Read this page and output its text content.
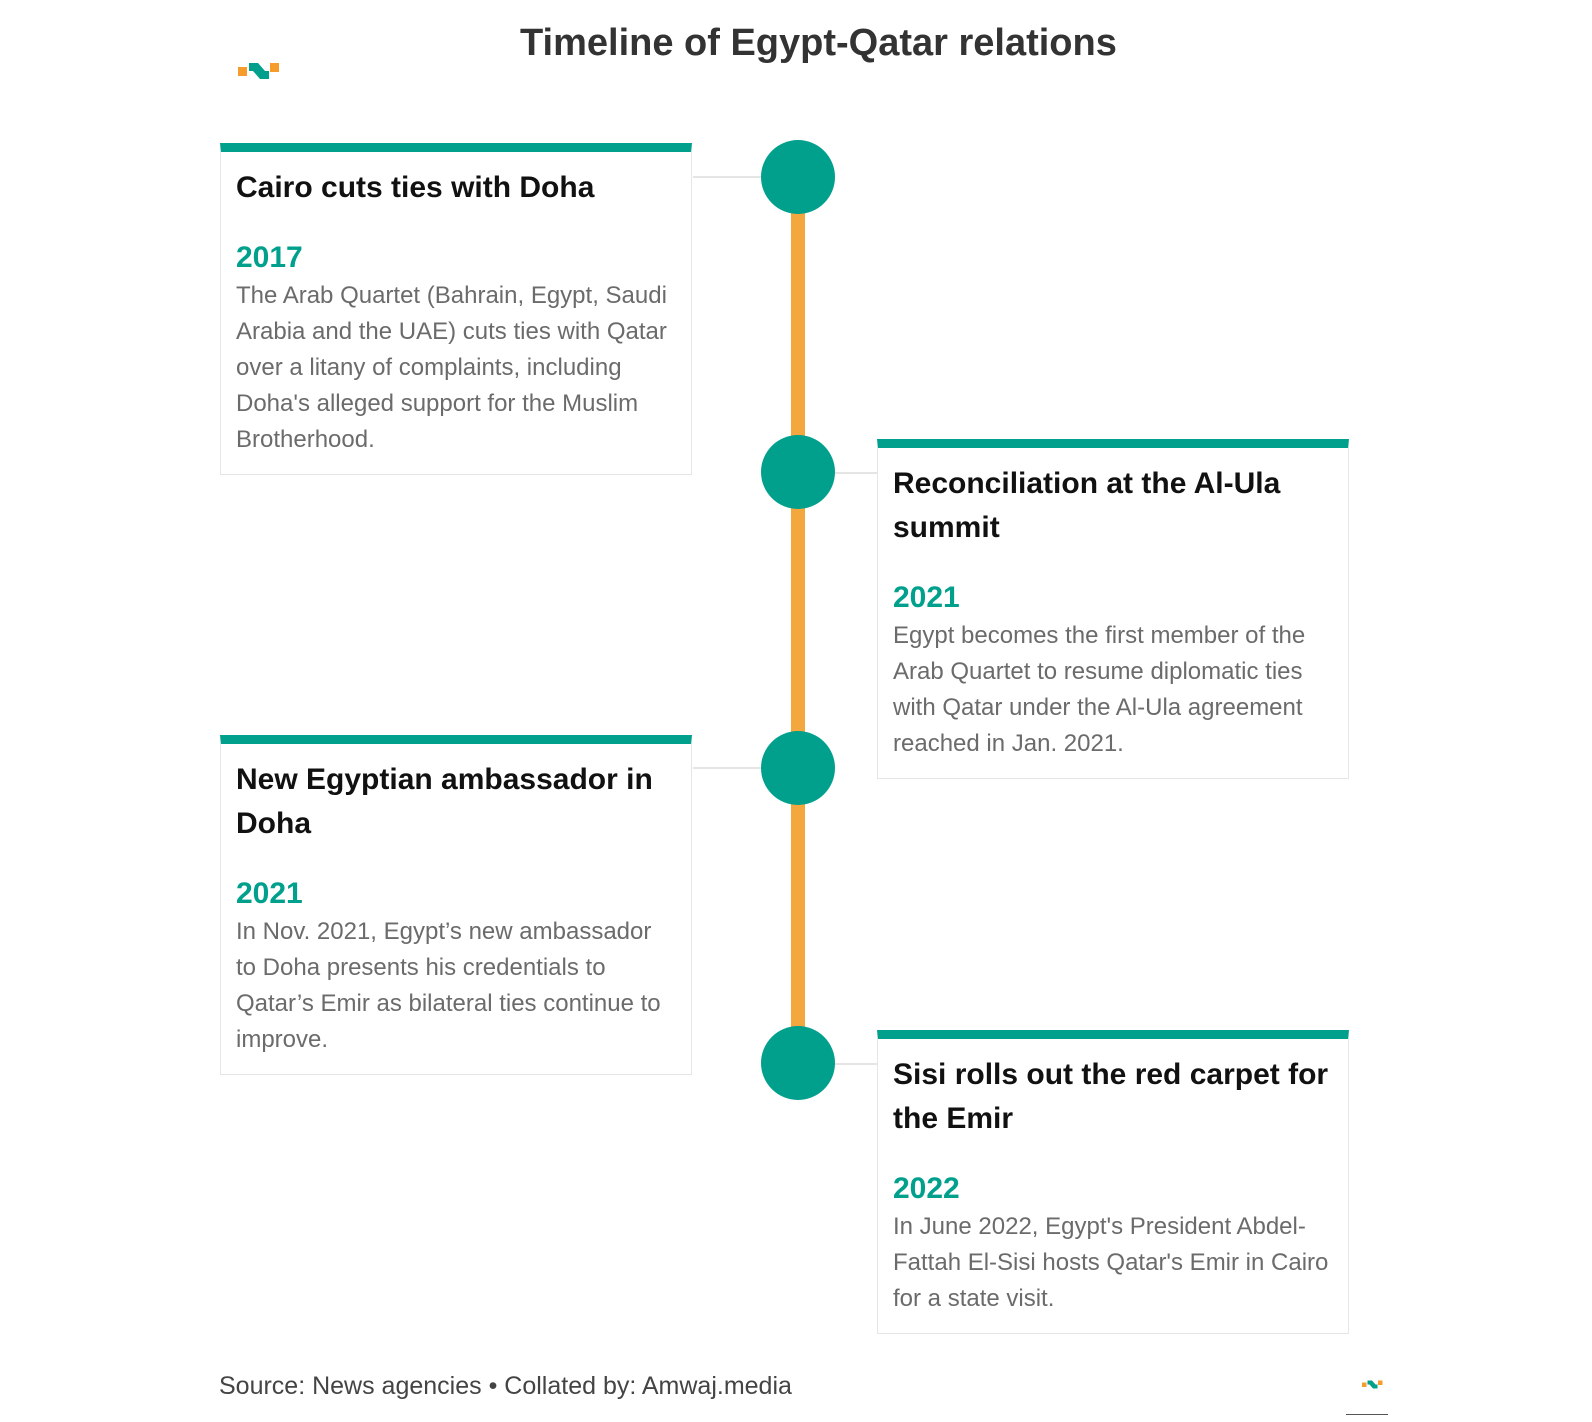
Timeline of Egypt-Qatar relations
Cairo cuts ties with Doha
2017

The Arab Quartet (Bahrain, Egypt, Saudi Arabia and the UAE) cuts ties with Qatar over a litany of complaints, including Doha's alleged support for the Muslim Brotherhood.

Reconciliation at the Al-Ula summit
2021

Egypt becomes the first member of the Arab Quartet to resume diplomatic ties with Qatar under the Al-Ula agreement reached in Jan. 2021.

New Egyptian ambassador in Doha
2021

In Nov. 2021, Egypt’s new ambassador to Doha presents his credentials to Qatar’s Emir as bilateral ties continue to improve.

Sisi rolls out the red carpet for the Emir
2022

In June 2022, Egypt's President Abdel-Fattah El-Sisi hosts Qatar's Emir in Cairo for a state visit.

Source: News agencies • Collated by: Amwaj.media
